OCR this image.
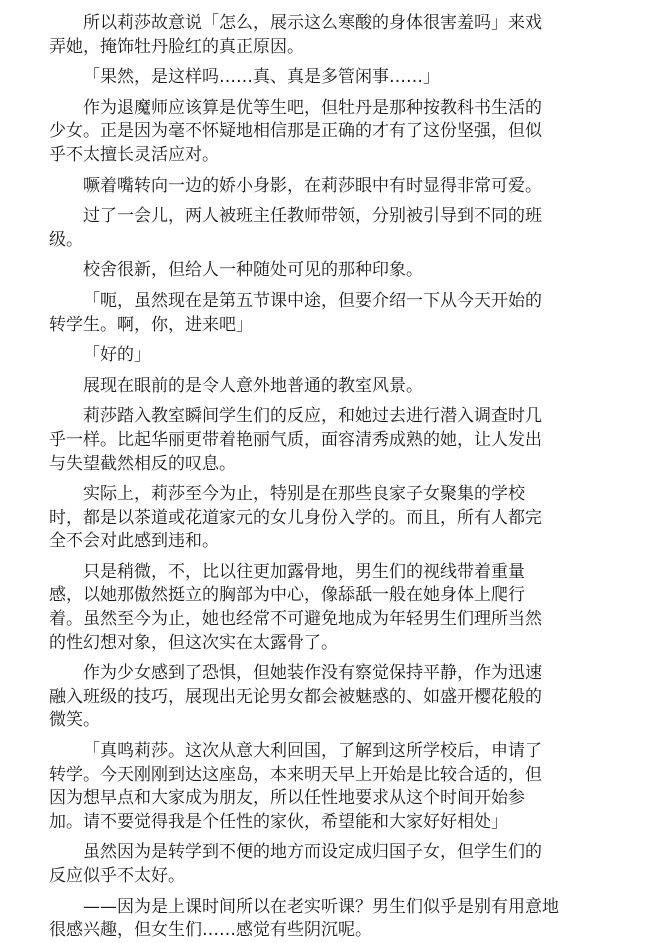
所以莉莎故意说「怎么，展示这么寒酸的身体很害羞吗」来戏
弄她，掩饰牡丹脸红的真正原因。
「果然，是这样吗……真、真是多管闲事……」
作为退魔师应该算是优等生吧，但牡丹是那种按教科书生活的
少女。正是因为毫不怀疑地相信那是正确的才有了这份坚强，但似
乎不太擅长灵活应对。
噘着嘴转向一边的娇小身影，在莉莎眼中有时显得非常可爱。
过了一会儿，两人被班主任教师带领，分别被引导到不同的班
级。
校舍很新，但给人一种随处可见的那种印象。
「呃，虽然现在是第五节课中途，但要介绍一下从今天开始的
转学生。啊，你，进来吧」
「好的」
展现在眼前的是令人意外地普通的教室风景。
莉莎踏入教室瞬间学生们的反应，和她过去进行潜入调查时几
乎一样。比起华丽更带着艳丽气质，面容清秀成熟的她，让人发出
与失望截然相反的叹息。
实际上，莉莎至今为止，特别是在那些良家子女聚集的学校
时，都是以茶道或花道家元的女儿身份入学的。而且，所有人都完
全不会对此感到违和。
只是稍微，不，比以往更加露骨地，男生们的视线带着重量
感，以她那傲然挺立的胸部为中心，像舔舐一般在她身体上爬行
着。虽然至今为止，她也经常不可避免地成为年轻男生们理所当然
的性幻想对象，但这次实在太露骨了。
作为少女感到了恐惧，但她装作没有察觉保持平静，作为迅速
融入班级的技巧，展现出无论男女都会被魅惑的、如盛开樱花般的
微笑。
「真鸣莉莎。这次从意大利回国，了解到这所学校后，申请了
转学。今天刚刚到达这座岛，本来明天早上开始是比较合适的，但
因为想早点和大家成为朋友，所以任性地要求从这个时间开始参
加。请不要觉得我是个任性的家伙，希望能和大家好好相处」
虽然因为是转学到不便的地方而设定成归国子女，但学生们的
反应似乎不太好。
——因为是上课时间所以在老实听课？男生们似乎是别有用意地
很感兴趣，但女生们……感觉有些阴沉呢。
